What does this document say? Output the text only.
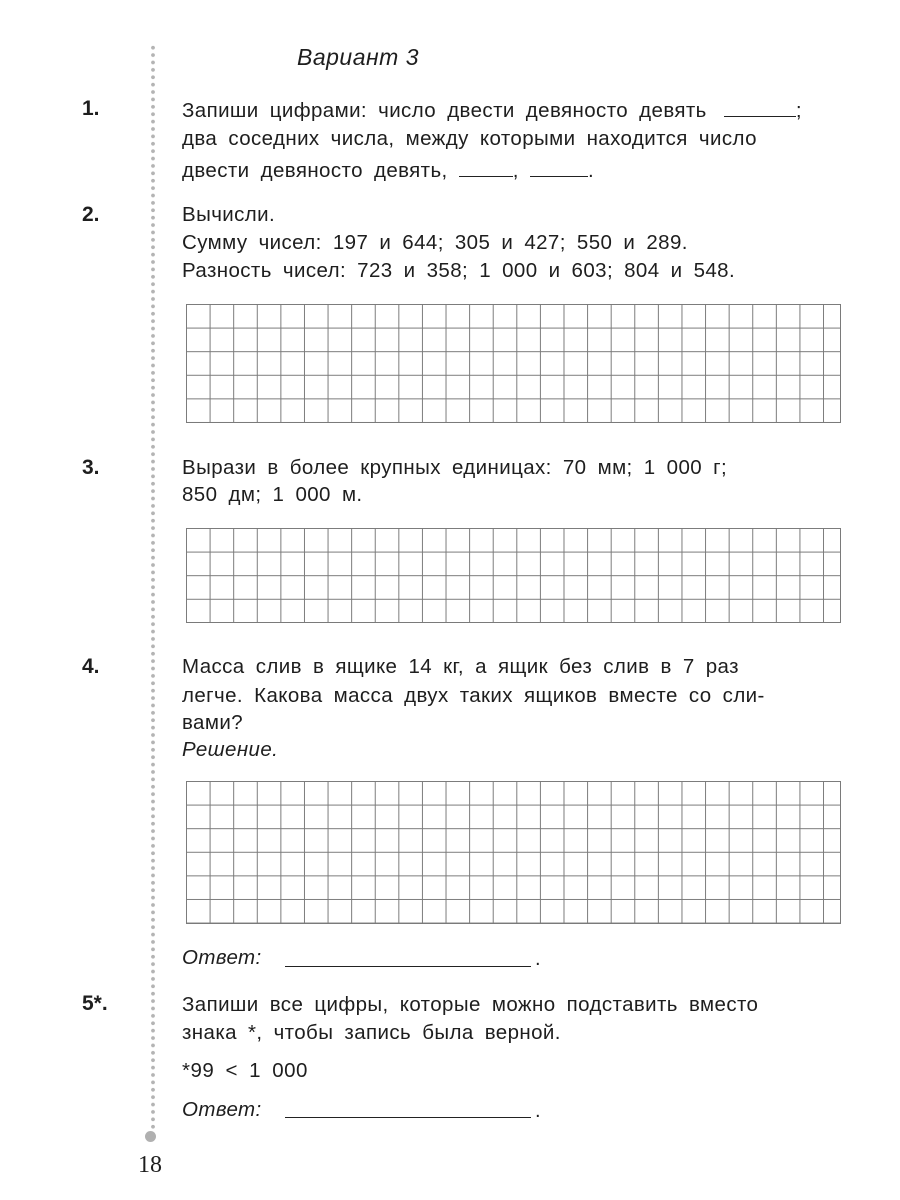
Вариант 3
1.	Запиши цифрами: число двести девяносто девять	;
два соседних числа, между которыми находится число
двести девяносто девять,	,	.
2.	Вычисли.
Сумму чисел: 197 и 644; 305 и 427; 550 и 289.
Разность чисел: 723 и 358; 1 000 и 603; 804 и 548.
3.	Вырази в более крупных единицах: 70 мм; 1 000 г;
850 дм; 1 000 м.
4.	Масса слив в ящике 14 кг, а ящик без слив в 7 раз
легче. Какова масса двух таких ящиков вместе со сли-
вами?
Решение.
Ответ:	.
5*.	Запиши все цифры, которые можно подставить вместо
знака *, чтобы запись была верной.
*99 < 1 000
Ответ:	.
18
